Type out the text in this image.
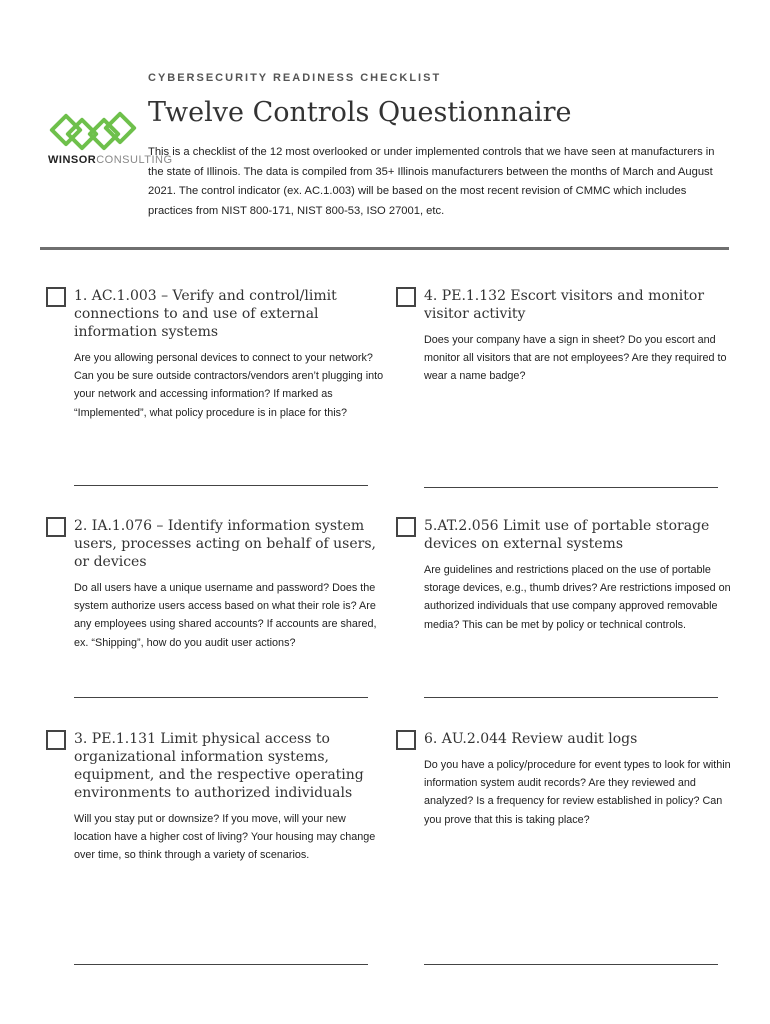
WINSORCONSULTING
CYBERSECURITY READINESS CHECKLIST
Twelve Controls Questionnaire
This is a checklist of the 12 most overlooked or under implemented controls that we have seen at manufacturers in the state of Illinois. The data is compiled from 35+ Illinois manufacturers between the months of March and August 2021. The control indicator (ex. AC.1.003) will be based on the most recent revision of CMMC which includes practices from NIST 800-171, NIST 800-53, ISO 27001, etc.

1. AC.1.003 – Verify and control/limit connections to and use of external information systems

Are you allowing personal devices to connect to your network? Can you be sure outside contractors/vendors aren’t plugging into your network and accessing information? If marked as “Implemented”, what policy procedure is in place for this?

4. PE.1.132 Escort visitors and monitor visitor activity

Does your company have a sign in sheet? Do you escort and monitor all visitors that are not employees? Are they required to wear a name badge?

2. IA.1.076 – Identify information system users, processes acting on behalf of users, or devices

Do all users have a unique username and password? Does the system authorize users access based on what their role is? Are any employees using shared accounts? If accounts are shared, ex. “Shipping”, how do you audit user actions?

5.AT.2.056 Limit use of portable storage devices on external systems

Are guidelines and restrictions placed on the use of portable storage devices, e.g., thumb drives? Are restrictions imposed on authorized individuals that use company approved removable media? This can be met by policy or technical controls.

3. PE.1.131 Limit physical access to organizational information systems, equipment, and the respective operating environments to authorized individuals

Will you stay put or downsize? If you move, will your new location have a higher cost of living? Your housing may change over time, so think through a variety of scenarios.

6. AU.2.044 Review audit logs

Do you have a policy/procedure for event types to look for within information system audit records? Are they reviewed and analyzed? Is a frequency for review established in policy? Can you prove that this is taking place?
